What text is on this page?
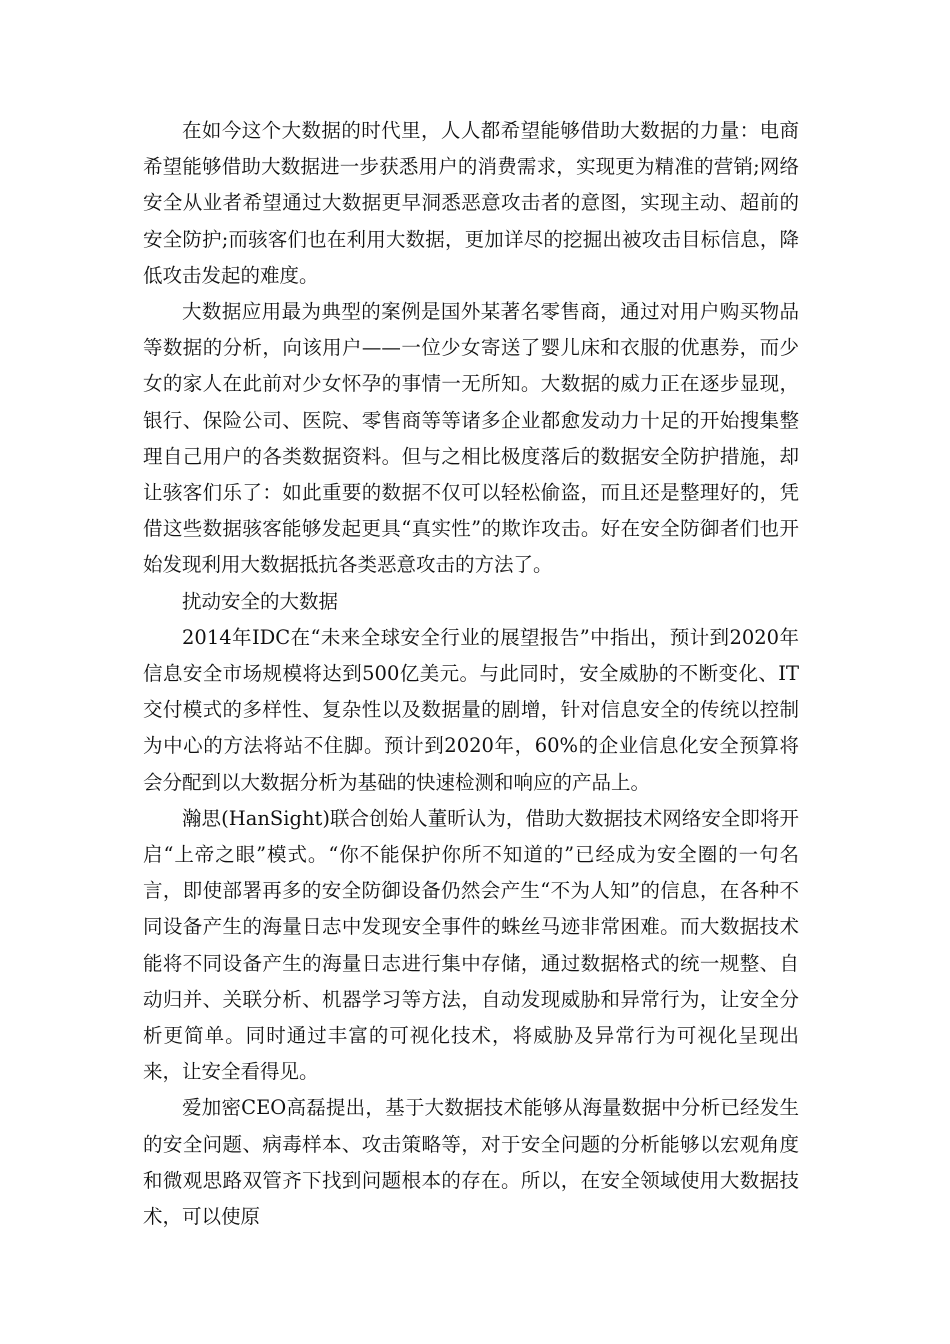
在如今这个大数据的时代里，人人都希望能够借助大数据的力量：电商希望能够借助大数据进一步获悉用户的消费需求，实现更为精准的营销;网络安全从业者希望通过大数据更早洞悉恶意攻击者的意图，实现主动、超前的安全防护;而骇客们也在利用大数据，更加详尽的挖掘出被攻击目标信息，降低攻击发起的难度。

大数据应用最为典型的案例是国外某著名零售商，通过对用户购买物品等数据的分析，向该用户——一位少女寄送了婴儿床和衣服的优惠券，而少女的家人在此前对少女怀孕的事情一无所知。大数据的威力正在逐步显现，银行、保险公司、医院、零售商等等诸多企业都愈发动力十足的开始搜集整理自己用户的各类数据资料。但与之相比极度落后的数据安全防护措施，却让骇客们乐了：如此重要的数据不仅可以轻松偷盗，而且还是整理好的，凭借这些数据骇客能够发起更具“真实性”的欺诈攻击。好在安全防御者们也开始发现利用大数据抵抗各类恶意攻击的方法了。

扰动安全的大数据

2014年IDC在“未来全球安全行业的展望报告”中指出，预计到2020年信息安全市场规模将达到500亿美元。与此同时，安全威胁的不断变化、IT交付模式的多样性、复杂性以及数据量的剧增，针对信息安全的传统以控制为中心的方法将站不住脚。预计到2020年，60%的企业信息化安全预算将会分配到以大数据分析为基础的快速检测和响应的产品上。

瀚思(HanSight)联合创始人董昕认为，借助大数据技术网络安全即将开启“上帝之眼”模式。“你不能保护你所不知道的”已经成为安全圈的一句名言，即使部署再多的安全防御设备仍然会产生“不为人知”的信息，在各种不同设备产生的海量日志中发现安全事件的蛛丝马迹非常困难。而大数据技术能将不同设备产生的海量日志进行集中存储，通过数据格式的统一规整、自动归并、关联分析、机器学习等方法，自动发现威胁和异常行为，让安全分析更简单。同时通过丰富的可视化技术，将威胁及异常行为可视化呈现出来，让安全看得见。

爱加密CEO高磊提出，基于大数据技术能够从海量数据中分析已经发生的安全问题、病毒样本、攻击策略等，对于安全问题的分析能够以宏观角度和微观思路双管齐下找到问题根本的存在。所以，在安全领域使用大数据技术，可以使原
